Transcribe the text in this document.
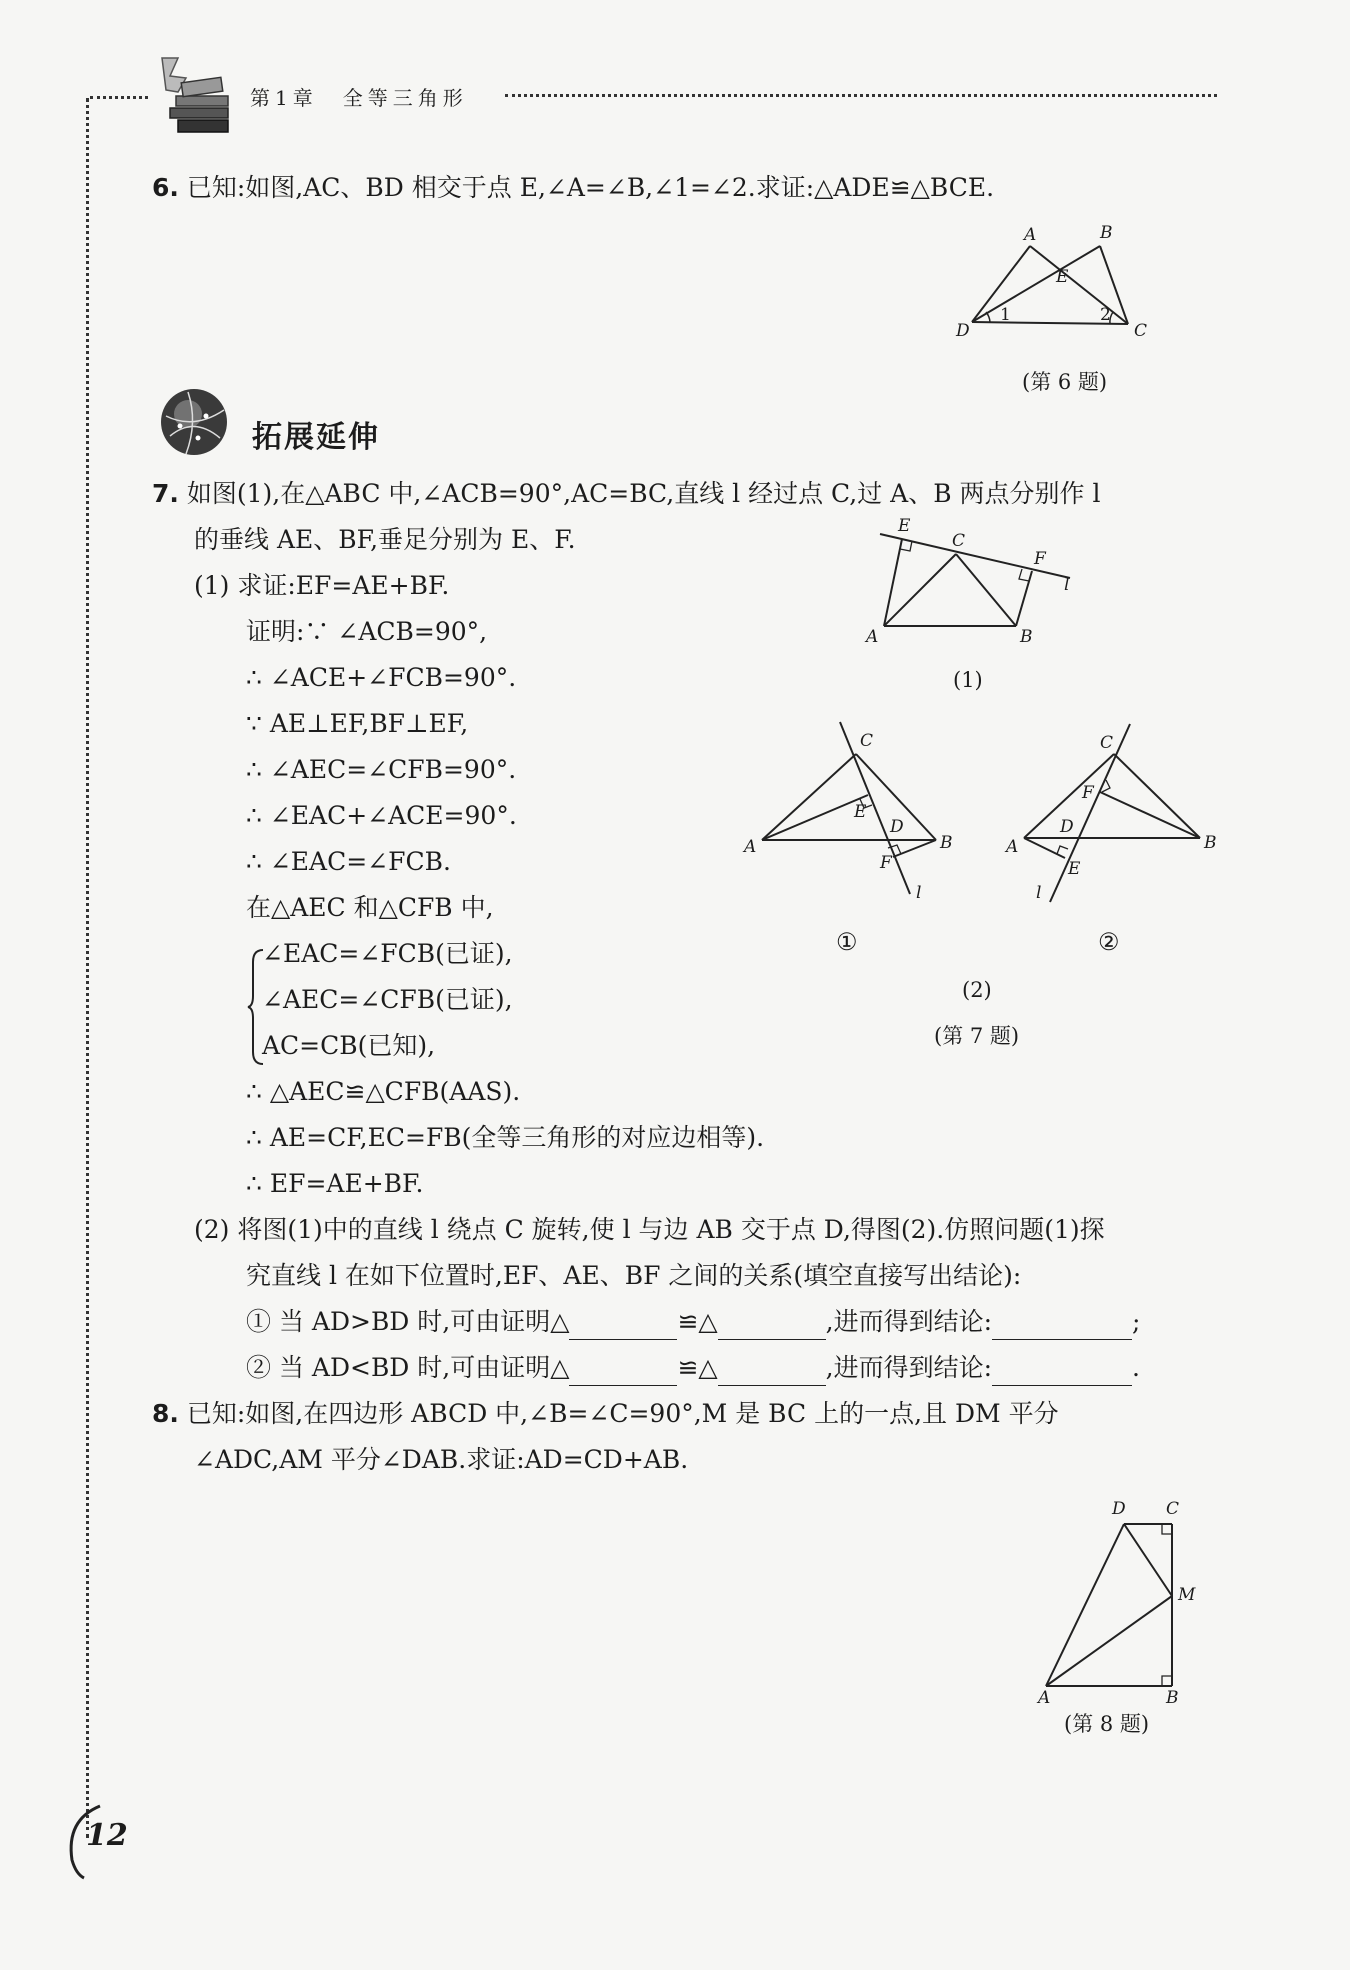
第1章　全等三角形
6. 已知:如图,AC、BD 相交于点 E,∠A=∠B,∠1=∠2.求证:△ADE≌△BCE.
A	B
E
D	C
1	2
(第 6 题)
拓展延伸
7. 如图(1),在△ABC 中,∠ACB=90°,AC=BC,直线 l 经过点 C,过 A、B 两点分别作 l
的垂线 AE、BF,垂足分别为 E、F.
(1) 求证:EF=AE+BF.
证明:∵ ∠ACB=90°,
∴ ∠ACE+∠FCB=90°.
∵ AE⊥EF,BF⊥EF,
∴ ∠AEC=∠CFB=90°.
∴ ∠EAC+∠ACE=90°.
∴ ∠EAC=∠FCB.
在△AEC 和△CFB 中,
∠EAC=∠FCB(已证),
∠AEC=∠CFB(已证),
AC=CB(已知),
∴ △AEC≌△CFB(AAS).
∴ AE=CF,EC=FB(全等三角形的对应边相等).
∴ EF=AE+BF.
(2) 将图(1)中的直线 l 绕点 C 旋转,使 l 与边 AB 交于点 D,得图(2).仿照问题(1)探
究直线 l 在如下位置时,EF、AE、BF 之间的关系(填空直接写出结论):
① 当 AD>BD 时,可由证明△	≌△	,进而得到结论:	;
② 当 AD<BD 时,可由证明△	≌△	,进而得到结论:	.
E
C
F
l
A	B
(1)
C
E
D
A	B
F
l
①
C
F
D
A	B
E
l
②
(2)
(第 7 题)
8. 已知:如图,在四边形 ABCD 中,∠B=∠C=90°,M 是 BC 上的一点,且 DM 平分
∠ADC,AM 平分∠DAB.求证:AD=CD+AB.
D C
M
A	B
(第 8 题)
12
